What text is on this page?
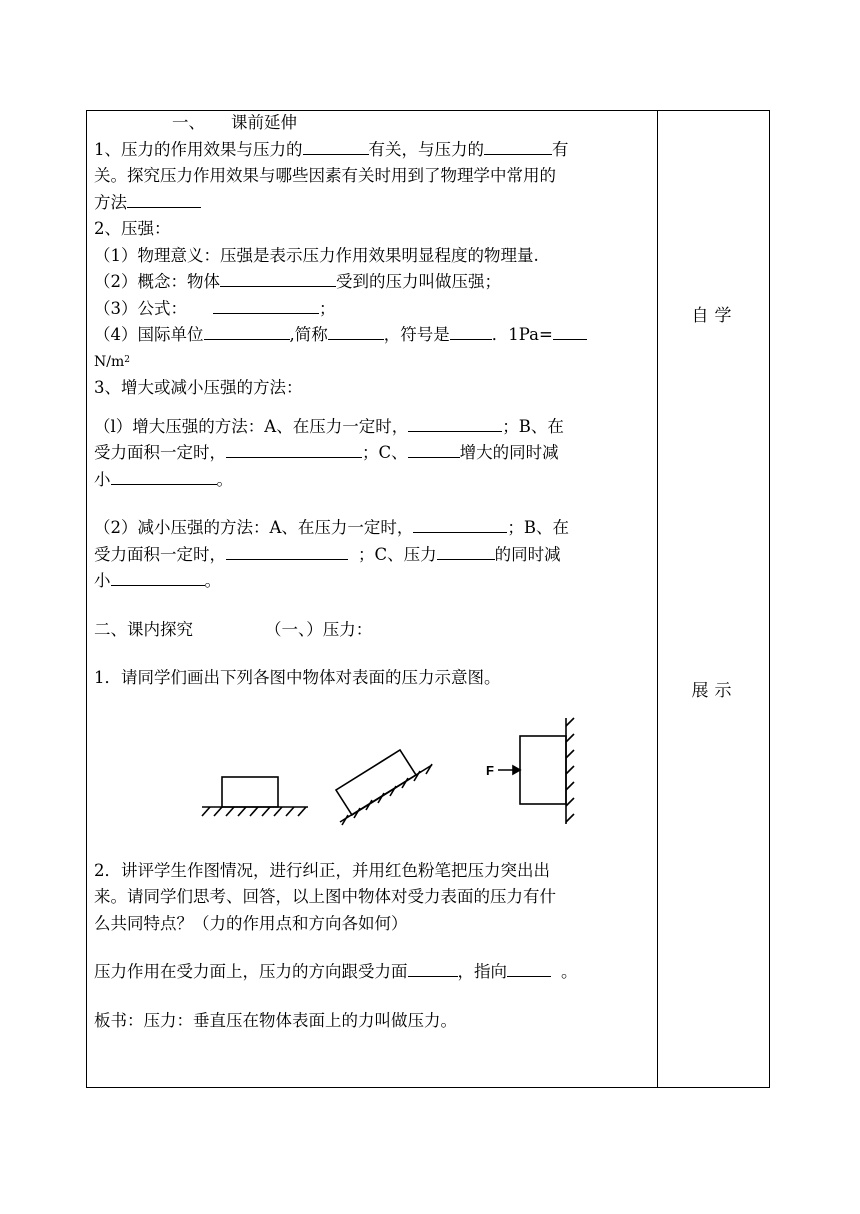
自学
展示
一、 课前延伸
1、压力的作用效果与压力的	有关，与压力的	有
关。探究压力作用效果与哪些因素有关时用到了物理学中常用的
方法
2、压强：
（1）物理意义：压强是表示压力作用效果明显程度的物理量.
（2）概念：物体	受到的压力叫做压强；
（3）公式：	；
（4）国际单位	,简称	，符号是	．1Pa=
$N/m^2$
3、增大或减小压强的方法：
（l）增大压强的方法：A、在压力一定时，	；B、在
受力面积一定时，	；C、	增大的同时减
小	。
（2）减小压强的方法：A、在压力一定时，	；B、在
受力面积一定时，	；C、压力	的同时减
小	。
二、课内探究	（一、）压力：
1．请同学们画出下列各图中物体对表面的压力示意图。
2．讲评学生作图情况，进行纠正，并用红色粉笔把压力突出出
来。请同学们思考、回答，以上图中物体对受力表面的压力有什
么共同特点？（力的作用点和方向各如何）
压力作用在受力面上，压力的方向跟受力面	，指向	。
板书：压力：垂直压在物体表面上的力叫做压力。
F
